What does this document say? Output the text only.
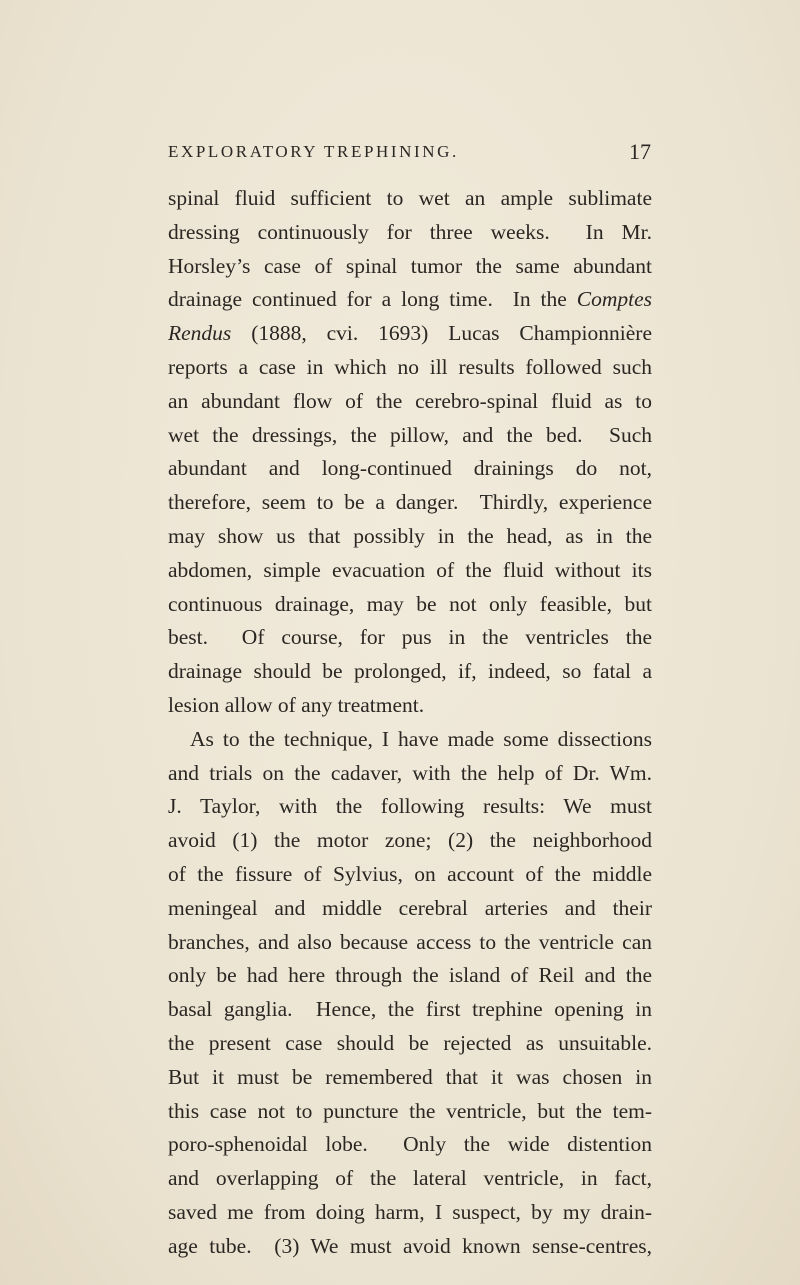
EXPLORATORY TREPHINING.	17
spinal fluid sufficient to wet an ample sublimate
dressing continuously for three weeks.  In Mr.
Horsley’s case of spinal tumor the same abundant
drainage continued for a long time.  In the Comptes
Rendus (1888, cvi. 1693) Lucas Championnière
reports a case in which no ill results followed such
an abundant flow of the cerebro-spinal fluid as to
wet the dressings, the pillow, and the bed.  Such
abundant and long-continued drainings do not,
therefore, seem to be a danger.  Thirdly, experience
may show us that possibly in the head, as in the
abdomen, simple evacuation of the fluid without its
continuous drainage, may be not only feasible, but
best.  Of course, for pus in the ventricles the
drainage should be prolonged, if, indeed, so fatal a
lesion allow of any treatment.
As to the technique, I have made some dissections
and trials on the cadaver, with the help of Dr. Wm.
J. Taylor, with the following results: We must
avoid (1) the motor zone; (2) the neighborhood
of the fissure of Sylvius, on account of the middle
meningeal and middle cerebral arteries and their
branches, and also because access to the ventricle can
only be had here through the island of Reil and the
basal ganglia.  Hence, the first trephine opening in
the present case should be rejected as unsuitable.
But it must be remembered that it was chosen in
this case not to puncture the ventricle, but the tem-
poro-sphenoidal lobe.  Only the wide distention
and overlapping of the lateral ventricle, in fact,
saved me from doing harm, I suspect, by my drain-
age tube.  (3) We must avoid known sense-centres,
